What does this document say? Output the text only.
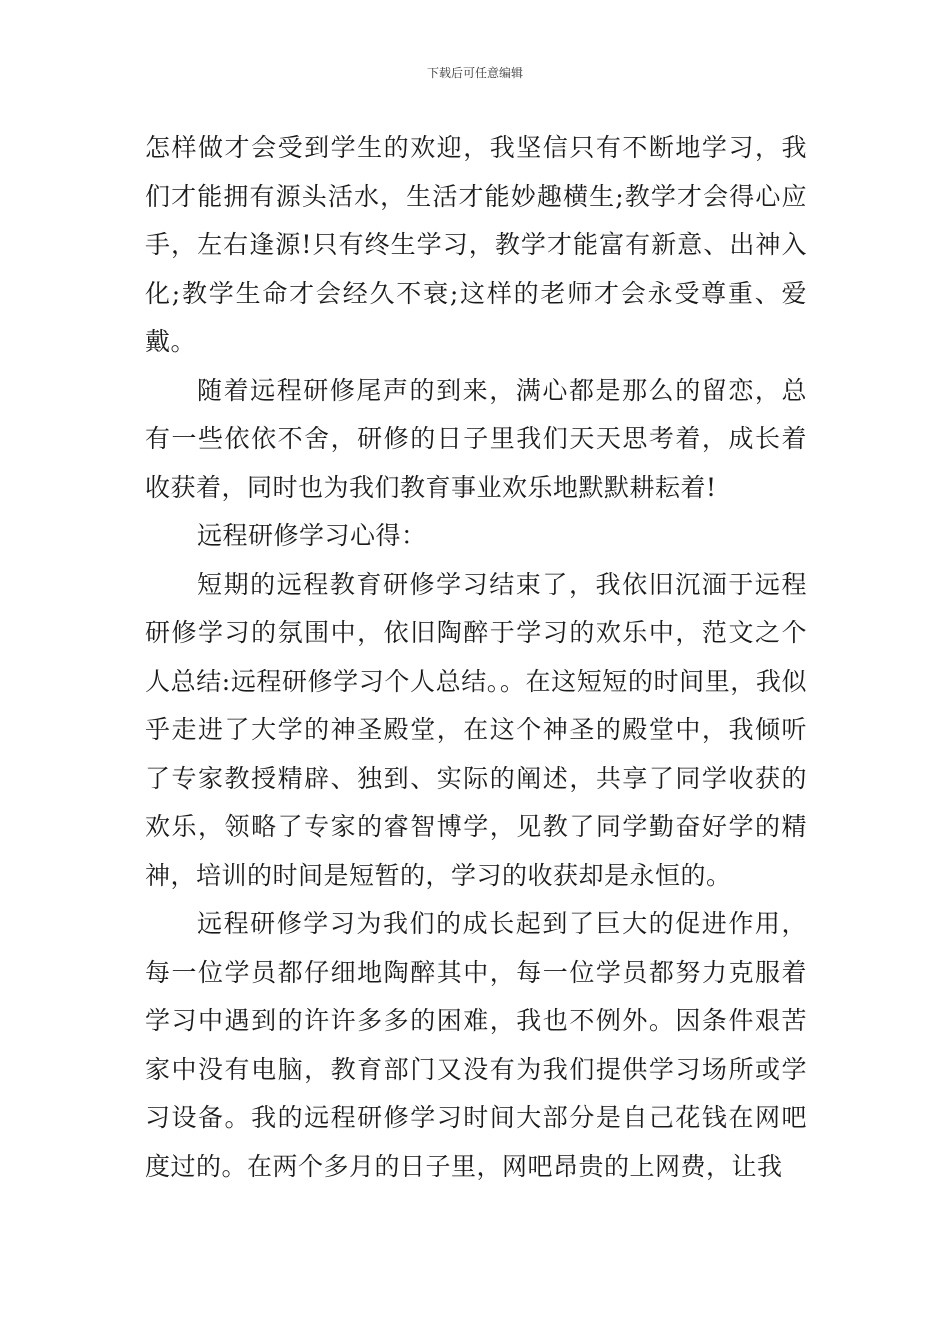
下载后可任意编辑

怎样做才会受到学生的欢迎，我坚信只有不断地学习，我们才能拥有源头活水，生活才能妙趣横生;教学才会得心应手，左右逢源!只有终生学习，教学才能富有新意、出神入化;教学生命才会经久不衰;这样的老师才会永受尊重、爱戴。

随着远程研修尾声的到来，满心都是那么的留恋，总有一些依依不舍，研修的日子里我们天天思考着，成长着收获着，同时也为我们教育事业欢乐地默默耕耘着!

远程研修学习心得：

短期的远程教育研修学习结束了，我依旧沉湎于远程研修学习的氛围中，依旧陶醉于学习的欢乐中，范文之个人总结:远程研修学习个人总结。。在这短短的时间里，我似乎走进了大学的神圣殿堂，在这个神圣的殿堂中，我倾听了专家教授精辟、独到、实际的阐述，共享了同学收获的欢乐，领略了专家的睿智博学，见教了同学勤奋好学的精神，培训的时间是短暂的，学习的收获却是永恒的。

远程研修学习为我们的成长起到了巨大的促进作用，每一位学员都仔细地陶醉其中，每一位学员都努力克服着学习中遇到的许许多多的困难，我也不例外。因条件艰苦家中没有电脑，教育部门又没有为我们提供学习场所或学习设备。我的远程研修学习时间大部分是自己花钱在网吧度过的。在两个多月的日子里，网吧昂贵的上网费，让我
